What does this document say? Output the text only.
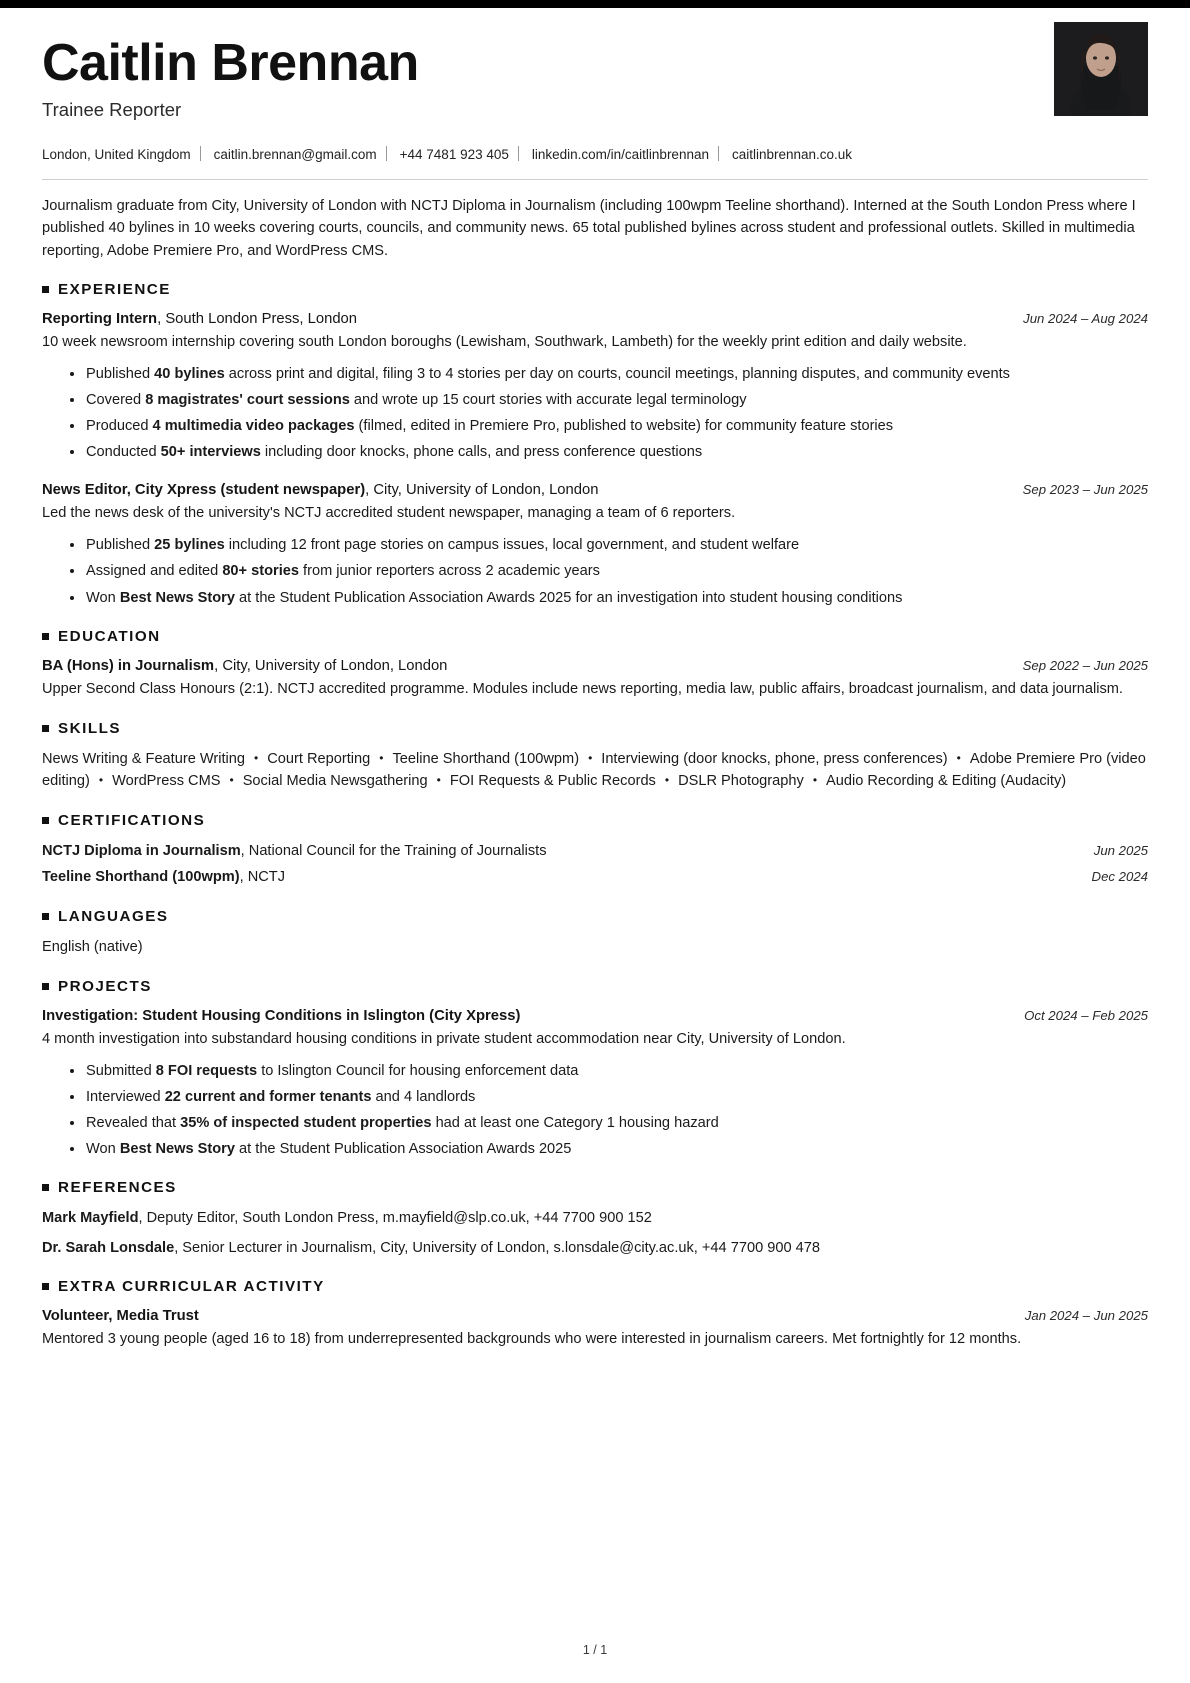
Caitlin Brennan
Trainee Reporter
London, United Kingdom caitlin.brennan@gmail.com +44 7481 923 405 linkedin.com/in/caitlinbrennan caitlinbrennan.co.uk
Journalism graduate from City, University of London with NCTJ Diploma in Journalism (including 100wpm Teeline shorthand). Interned at the South London Press where I published 40 bylines in 10 weeks covering courts, councils, and community news. 65 total published bylines across student and professional outlets. Skilled in multimedia reporting, Adobe Premiere Pro, and WordPress CMS.
EXPERIENCE
Reporting Intern, South London Press, London	Jun 2024 – Aug 2024
10 week newsroom internship covering south London boroughs (Lewisham, Southwark, Lambeth) for the weekly print edition and daily website.
Published 40 bylines across print and digital, filing 3 to 4 stories per day on courts, council meetings, planning disputes, and community events
Covered 8 magistrates' court sessions and wrote up 15 court stories with accurate legal terminology
Produced 4 multimedia video packages (filmed, edited in Premiere Pro, published to website) for community feature stories
Conducted 50+ interviews including door knocks, phone calls, and press conference questions
News Editor, City Xpress (student newspaper), City, University of London, London	Sep 2023 – Jun 2025
Led the news desk of the university's NCTJ accredited student newspaper, managing a team of 6 reporters.
Published 25 bylines including 12 front page stories on campus issues, local government, and student welfare
Assigned and edited 80+ stories from junior reporters across 2 academic years
Won Best News Story at the Student Publication Association Awards 2025 for an investigation into student housing conditions
EDUCATION
BA (Hons) in Journalism, City, University of London, London	Sep 2022 – Jun 2025
Upper Second Class Honours (2:1). NCTJ accredited programme. Modules include news reporting, media law, public affairs, broadcast journalism, and data journalism.
SKILLS
News Writing & Feature Writing • Court Reporting • Teeline Shorthand (100wpm) • Interviewing (door knocks, phone, press conferences) • Adobe Premiere Pro (video editing) • WordPress CMS • Social Media Newsgathering • FOI Requests & Public Records • DSLR Photography • Audio Recording & Editing (Audacity)
CERTIFICATIONS
NCTJ Diploma in Journalism, National Council for the Training of Journalists	Jun 2025
Teeline Shorthand (100wpm), NCTJ	Dec 2024
LANGUAGES
English (native)
PROJECTS
Investigation: Student Housing Conditions in Islington (City Xpress)	Oct 2024 – Feb 2025
4 month investigation into substandard housing conditions in private student accommodation near City, University of London.
Submitted 8 FOI requests to Islington Council for housing enforcement data
Interviewed 22 current and former tenants and 4 landlords
Revealed that 35% of inspected student properties had at least one Category 1 housing hazard
Won Best News Story at the Student Publication Association Awards 2025
REFERENCES
Mark Mayfield, Deputy Editor, South London Press, m.mayfield@slp.co.uk, +44 7700 900 152
Dr. Sarah Lonsdale, Senior Lecturer in Journalism, City, University of London, s.lonsdale@city.ac.uk, +44 7700 900 478
EXTRA CURRICULAR ACTIVITY
Volunteer, Media Trust	Jan 2024 – Jun 2025
Mentored 3 young people (aged 16 to 18) from underrepresented backgrounds who were interested in journalism careers. Met fortnightly for 12 months.
1 / 1
